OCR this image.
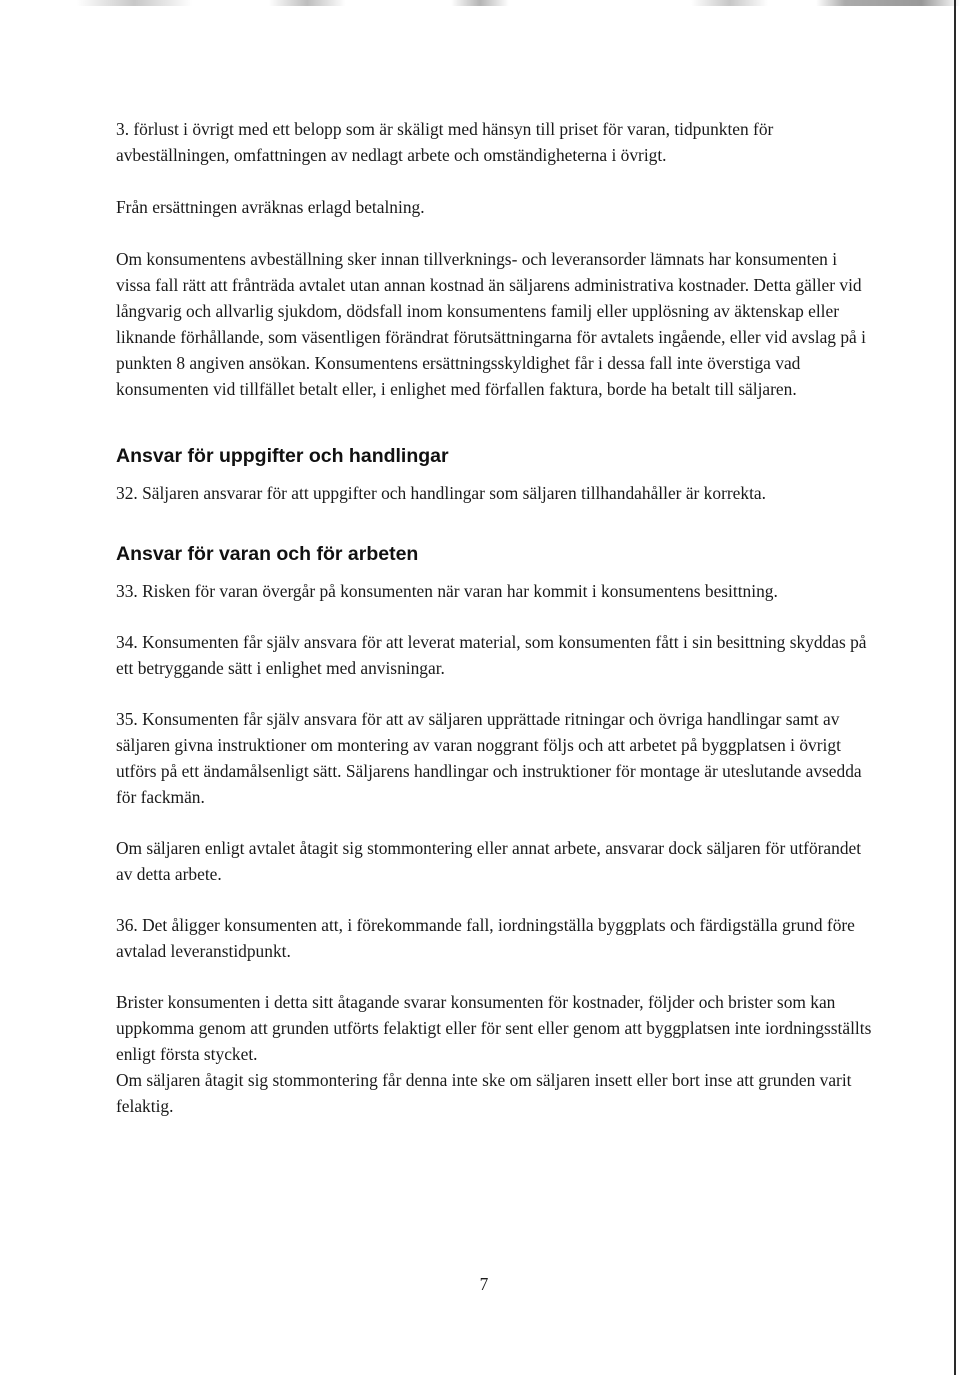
3. förlust i övrigt med ett belopp som är skäligt med hänsyn till priset för varan, tidpunkten för avbeställningen, omfattningen av nedlagt arbete och omständigheterna i övrigt.

Från ersättningen avräknas erlagd betalning.

Om konsumentens avbeställning sker innan tillverknings- och leveransorder lämnats har konsumenten i vissa fall rätt att frånträda avtalet utan annan kostnad än säljarens administrativa kostnader. Detta gäller vid långvarig och allvarlig sjukdom, dödsfall inom konsumentens familj eller upplösning av äktenskap eller liknande förhållande, som väsentligen förändrat förutsättningarna för avtalets ingående, eller vid avslag på i punkten 8 angiven ansökan. Konsumentens ersättningsskyldighet får i dessa fall inte överstiga vad konsumenten vid tillfället betalt eller, i enlighet med förfallen faktura, borde ha betalt till säljaren.

Ansvar för uppgifter och handlingar

32. Säljaren ansvarar för att uppgifter och handlingar som säljaren tillhandahåller är korrekta.

Ansvar för varan och för arbeten

33. Risken för varan övergår på konsumenten när varan har kommit i konsumentens besittning.

34. Konsumenten får själv ansvara för att leverat material, som konsumenten fått i sin besittning skyddas på ett betryggande sätt i enlighet med anvisningar.

35. Konsumenten får själv ansvara för att av säljaren upprättade ritningar och övriga handlingar samt av säljaren givna instruktioner om montering av varan noggrant följs och att arbetet på byggplatsen i övrigt utförs på ett ändamålsenligt sätt. Säljarens handlingar och instruktioner för montage är uteslutande avsedda för fackmän.

Om säljaren enligt avtalet åtagit sig stommontering eller annat arbete, ansvarar dock säljaren för utförandet av detta arbete.

36. Det åligger konsumenten att, i förekommande fall, iordningställa byggplats och färdigställa grund före avtalad leveranstidpunkt.

Brister konsumenten i detta sitt åtagande svarar konsumenten för kostnader, följder och brister som kan uppkomma genom att grunden utförts felaktigt eller för sent eller genom att byggplatsen inte iordningsställts enligt första stycket.

Om säljaren åtagit sig stommontering får denna inte ske om säljaren insett eller bort inse att grunden varit felaktig.

7
